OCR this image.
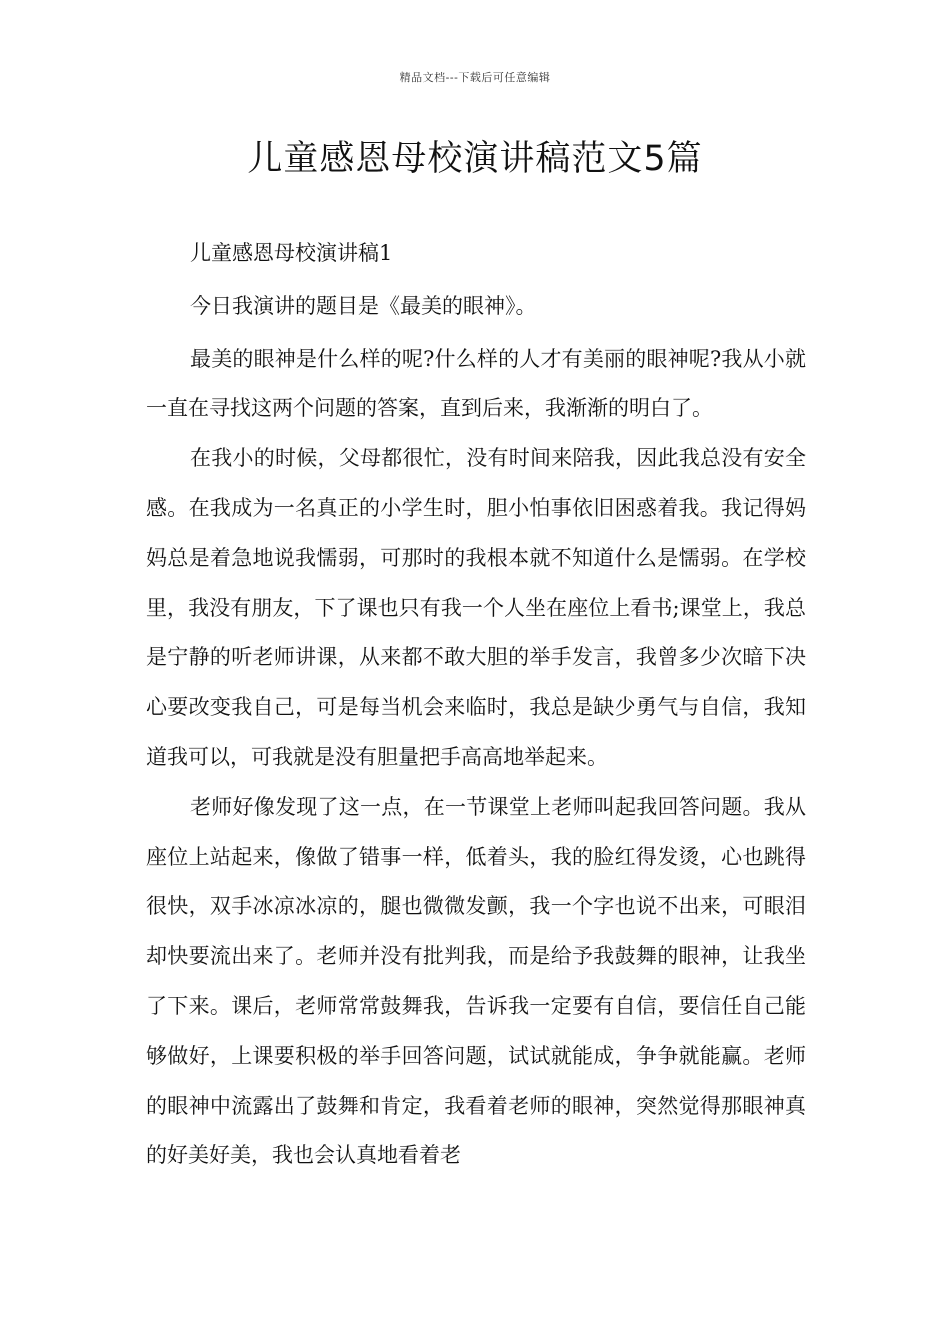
精品文档---下载后可任意编辑
儿童感恩母校演讲稿范文5篇

儿童感恩母校演讲稿1

今日我演讲的题目是《最美的眼神》。

最美的眼神是什么样的呢?什么样的人才有美丽的眼神呢?我从小就一直在寻找这两个问题的答案，直到后来，我渐渐的明白了。

在我小的时候，父母都很忙，没有时间来陪我，因此我总没有安全感。在我成为一名真正的小学生时，胆小怕事依旧困惑着我。我记得妈妈总是着急地说我懦弱，可那时的我根本就不知道什么是懦弱。在学校里，我没有朋友，下了课也只有我一个人坐在座位上看书;课堂上，我总是宁静的听老师讲课，从来都不敢大胆的举手发言，我曾多少次暗下决心要改变我自己，可是每当机会来临时，我总是缺少勇气与自信，我知道我可以，可我就是没有胆量把手高高地举起来。

老师好像发现了这一点，在一节课堂上老师叫起我回答问题。我从座位上站起来，像做了错事一样，低着头，我的脸红得发烫，心也跳得很快，双手冰凉冰凉的，腿也微微发颤，我一个字也说不出来，可眼泪却快要流出来了。老师并没有批判我，而是给予我鼓舞的眼神，让我坐了下来。课后，老师常常鼓舞我，告诉我一定要有自信，要信任自己能够做好，上课要积极的举手回答问题，试试就能成，争争就能赢。老师的眼神中流露出了鼓舞和肯定，我看着老师的眼神，突然觉得那眼神真的好美好美，我也会认真地看着老
